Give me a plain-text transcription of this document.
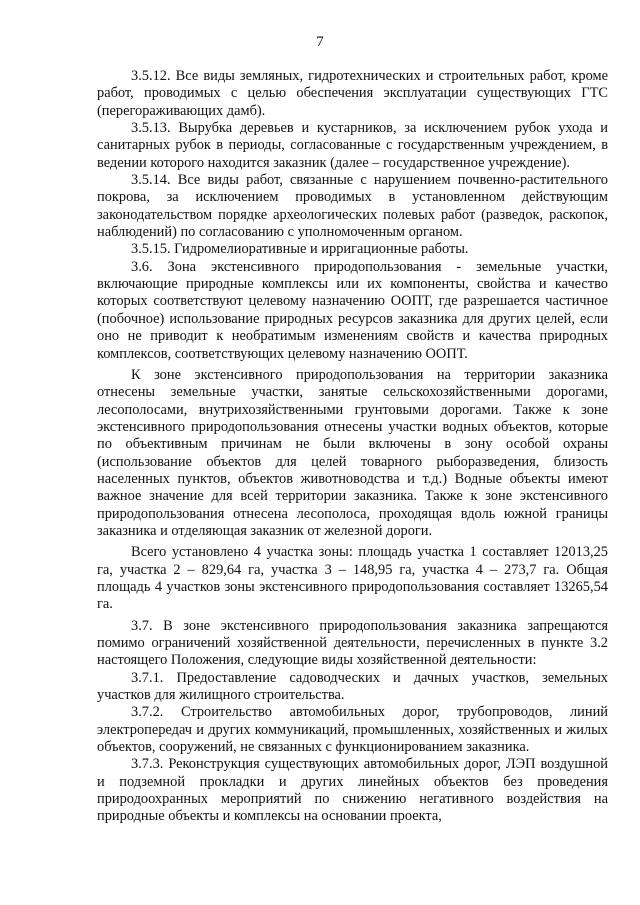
7

3.5.12. Все виды земляных, гидротехнических и строительных работ, кроме работ, проводимых с целью обеспечения эксплуатации существующих ГТС (перегораживающих дамб).

3.5.13. Вырубка деревьев и кустарников, за исключением рубок ухода и санитарных рубок в периоды, согласованные с государственным учреждением, в ведении которого находится заказник (далее – государственное учреждение).

3.5.14. Все виды работ, связанные с нарушением почвенно-растительного покрова, за исключением проводимых в установленном действующим законодательством порядке археологических полевых работ (разведок, раскопок, наблюдений) по согласованию с уполномоченным органом.

3.5.15. Гидромелиоративные и ирригационные работы.

3.6. Зона экстенсивного природопользования - земельные участки, включающие природные комплексы или их компоненты, свойства и качество которых соответствуют целевому назначению ООПТ, где разрешается частичное (побочное) использование природных ресурсов заказника для других целей, если оно не приводит к необратимым изменениям свойств и качества природных комплексов, соответствующих целевому назначению ООПТ.

К зоне экстенсивного природопользования на территории заказника отнесены земельные участки, занятые сельскохозяйственными дорогами, лесополосами, внутрихозяйственными грунтовыми дорогами. Также к зоне экстенсивного природопользования отнесены участки водных объектов, которые по объективным причинам не были включены в зону особой охраны (использование объектов для целей товарного рыборазведения, близость населенных пунктов, объектов животноводства и т.д.) Водные объекты имеют важное значение для всей территории заказника. Также к зоне экстенсивного природопользования отнесена лесополоса, проходящая вдоль южной границы заказника и отделяющая заказник от железной дороги.

Всего установлено 4 участка зоны: площадь участка 1 составляет 12013,25 га, участка 2 – 829,64 га, участка 3 – 148,95 га, участка 4 – 273,7 га. Общая площадь 4 участков зоны экстенсивного природопользования составляет 13265,54 га.

3.7. В зоне экстенсивного природопользования заказника запрещаются помимо ограничений хозяйственной деятельности, перечисленных в пункте 3.2 настоящего Положения, следующие виды хозяйственной деятельности:

3.7.1. Предоставление садоводческих и дачных участков, земельных участков для жилищного строительства.

3.7.2. Строительство автомобильных дорог, трубопроводов, линий электропередач и других коммуникаций, промышленных, хозяйственных и жилых объектов, сооружений, не связанных с функционированием заказника.

3.7.3. Реконструкция существующих автомобильных дорог, ЛЭП воздушной и подземной прокладки и других линейных объектов без проведения природоохранных мероприятий по снижению негативного воздействия на природные объекты и комплексы на основании проекта,
